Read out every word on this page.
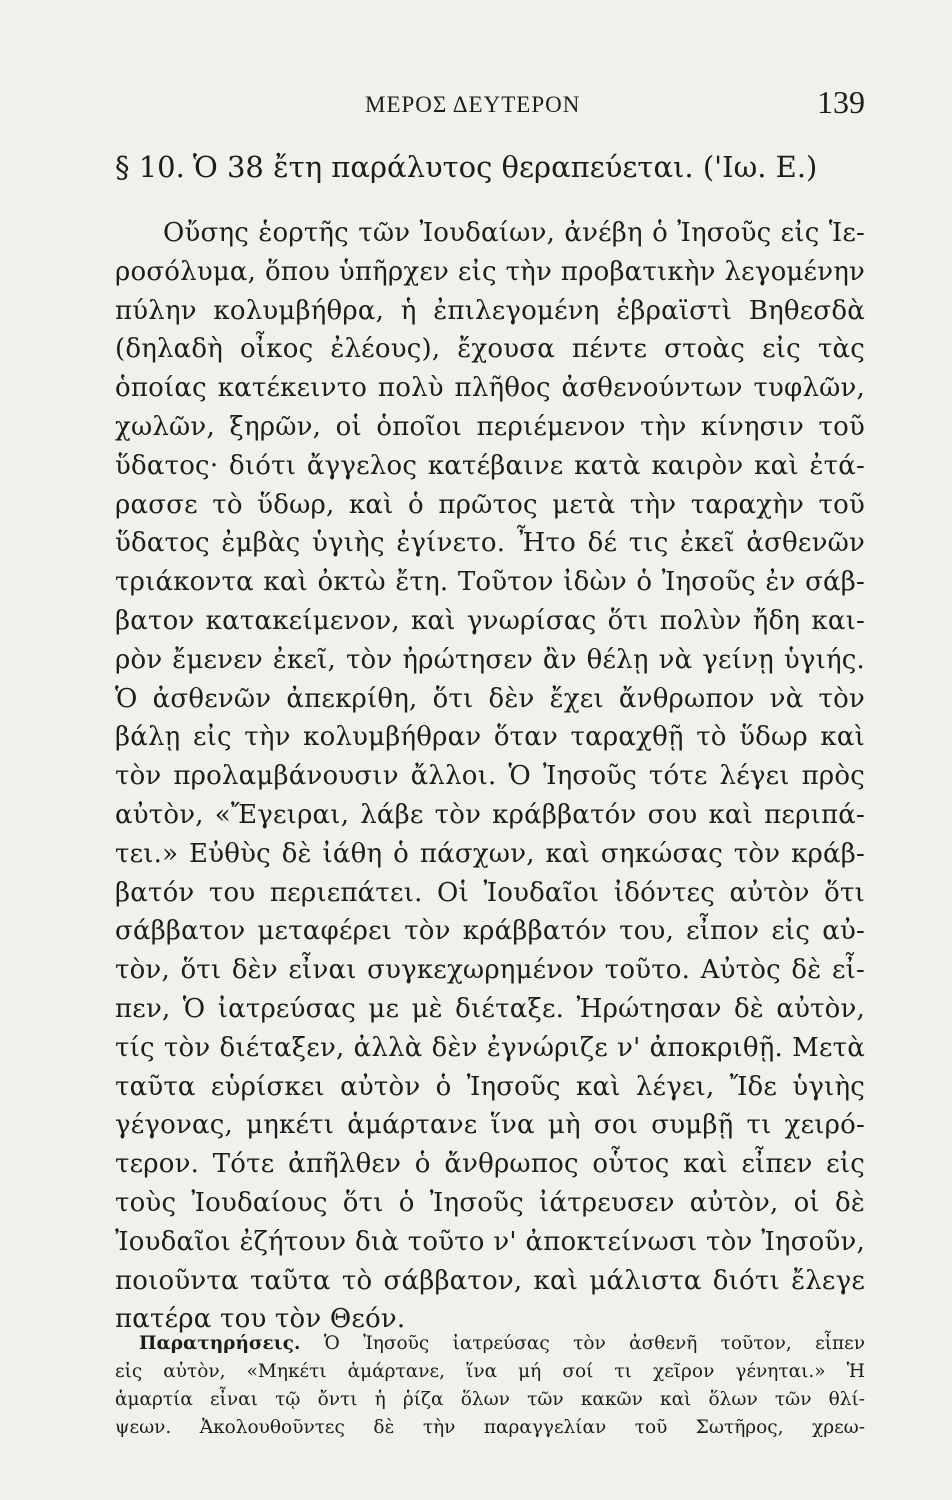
ΜΕΡΟΣ ΔΕΥΤΕΡΟΝ	139
§ 10. Ὁ 38 ἔτη παράλυτος θεραπεύεται. ('Ιω. Ε.)
Οὔσης ἑορτῆς τῶν Ἰουδαίων, ἀνέβη ὁ Ἰησοῦς εἰς Ἱε-
ροσόλυμα, ὅπου ὑπῆρχεν εἰς τὴν προβατικὴν λεγομένην
πύλην κολυμβήθρα, ἡ ἐπιλεγομένη ἑβραϊστὶ Βηθεσδὰ
(δηλαδὴ οἶκος ἐλέους), ἔχουσα πέντε στοὰς εἰς τὰς
ὁποίας κατέκειντο πολὺ πλῆθος ἀσθενούντων τυφλῶν,
χωλῶν, ξηρῶν, οἱ ὁποῖοι περιέμενον τὴν κίνησιν τοῦ
ὕδατος· διότι ἄγγελος κατέβαινε κατὰ καιρὸν καὶ ἐτά-
ρασσε τὸ ὕδωρ, καὶ ὁ πρῶτος μετὰ τὴν ταραχὴν τοῦ
ὕδατος ἐμβὰς ὑγιὴς ἐγίνετο. Ἦτο δέ τις ἐκεῖ ἀσθενῶν
τριάκοντα καὶ ὀκτὼ ἔτη. Τοῦτον ἰδὼν ὁ Ἰησοῦς ἐν σάβ-
βατον κατακείμενον, καὶ γνωρίσας ὅτι πολὺν ἤδη και-
ρὸν ἔμενεν ἐκεῖ, τὸν ἠρώτησεν ἂν θέλῃ νὰ γείνῃ ὑγιής.
Ὁ ἀσθενῶν ἀπεκρίθη, ὅτι δὲν ἔχει ἄνθρωπον νὰ τὸν
βάλῃ εἰς τὴν κολυμβήθραν ὅταν ταραχθῇ τὸ ὕδωρ καὶ
τὸν προλαμβάνουσιν ἄλλοι. Ὁ Ἰησοῦς τότε λέγει πρὸς
αὐτὸν, «Ἔγειραι, λάβε τὸν κράββατόν σου καὶ περιπά-
τει.» Εὐθὺς δὲ ἰάθη ὁ πάσχων, καὶ σηκώσας τὸν κράβ-
βατόν του περιεπάτει. Οἱ Ἰουδαῖοι ἰδόντες αὐτὸν ὅτι
σάββατον μεταφέρει τὸν κράββατόν του, εἶπον εἰς αὐ-
τὸν, ὅτι δὲν εἶναι συγκεχωρημένον τοῦτο. Αὐτὸς δὲ εἶ-
πεν, Ὁ ἰατρεύσας με μὲ διέταξε. Ἠρώτησαν δὲ αὐτὸν,
τίς τὸν διέταξεν, ἀλλὰ δὲν ἐγνώριζε ν' ἀποκριθῇ. Μετὰ
ταῦτα εὑρίσκει αὐτὸν ὁ Ἰησοῦς καὶ λέγει, Ἴδε ὑγιὴς
γέγονας, μηκέτι ἁμάρτανε ἵνα μὴ σοι συμβῇ τι χειρό-
τερον. Τότε ἀπῆλθεν ὁ ἄνθρωπος οὗτος καὶ εἶπεν εἰς
τοὺς Ἰουδαίους ὅτι ὁ Ἰησοῦς ἰάτρευσεν αὐτὸν, οἱ δὲ
Ἰουδαῖοι ἐζήτουν διὰ τοῦτο ν' ἀποκτείνωσι τὸν Ἰησοῦν,
ποιοῦντα ταῦτα τὸ σάββατον, καὶ μάλιστα διότι ἔλεγε
πατέρα του τὸν Θεόν.
Παρατηρήσεις. Ὁ Ἰησοῦς ἰατρεύσας τὸν ἀσθενῆ τοῦτον, εἶπεν
εἰς αὐτὸν, «Μηκέτι ἁμάρτανε, ἵνα μή σοί τι χεῖρον γένηται.» Ἡ
ἁμαρτία εἶναι τῷ ὄντι ἡ ῥίζα ὅλων τῶν κακῶν καὶ ὅλων τῶν θλί-
ψεων. Ἀκολουθοῦντες δὲ τὴν παραγγελίαν τοῦ Σωτῆρος, χρεω-
